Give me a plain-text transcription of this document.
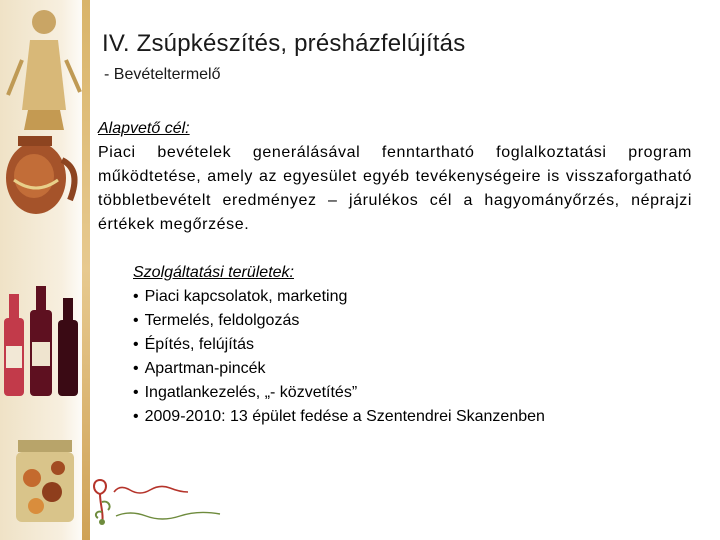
IV. Zsúpkészítés, présházfelújítás
- Bevételtermelő
Alapvető cél:
Piaci bevételek generálásával fenntartható foglalkoztatási program működtetése, amely az egyesület egyéb tevékenységeire is visszaforgatható többletbevételt eredményez – járulékos cél a hagyományőrzés, néprajzi értékek megőrzése.
Szolgáltatási területek:
• Piaci kapcsolatok, marketing
• Termelés, feldolgozás
• Építés, felújítás
• Apartman-pincék
• Ingatlankezelés, „- közvetítés”
• 2009-2010: 13 épület fedése a Szentendrei Skanzenben
